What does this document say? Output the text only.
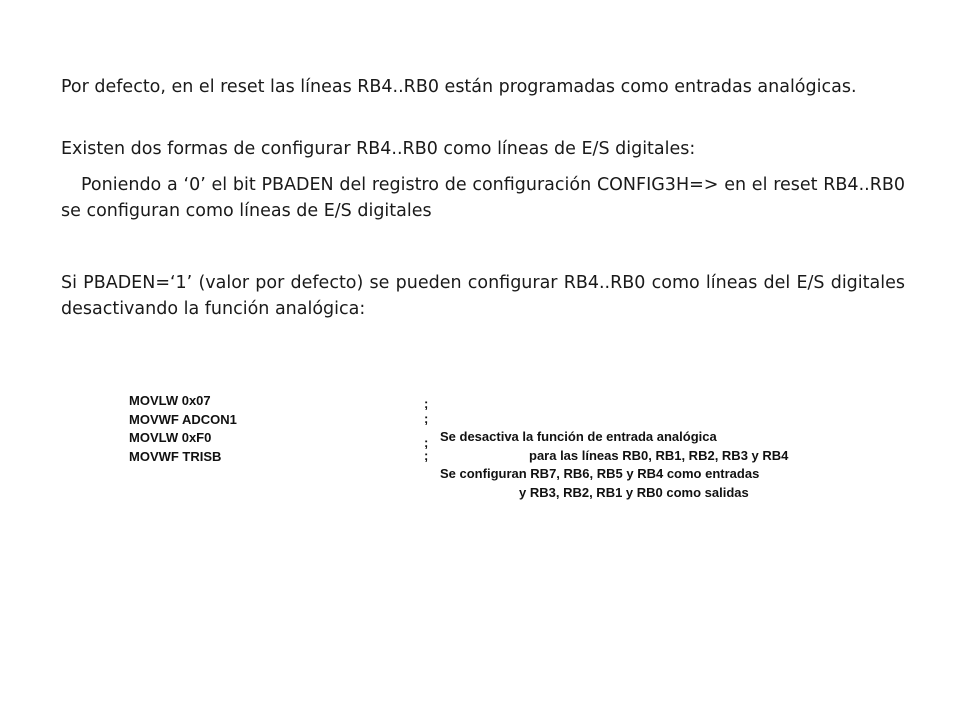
Por defecto, en el reset las líneas RB4..RB0 están programadas como entradas analógicas.

Existen dos formas de configurar RB4..RB0 como líneas de E/S digitales:

Poniendo a ‘0’ el bit PBADEN del registro de configuración CONFIG3H=> en el reset RB4..RB0 se configuran como líneas de E/S digitales

Si PBADEN=‘1’ (valor por defecto) se pueden configurar RB4..RB0 como líneas del E/S digitales desactivando la función analógica:

MOVLW 0x07

;

Se desactiva la función de entrada analógica

MOVWF ADCON1

;

para las líneas RB0, RB1, RB2, RB3 y RB4

MOVLW 0xF0

;

Se configuran RB7, RB6, RB5 y RB4 como entradas

MOVWF TRISB

;

y RB3, RB2, RB1 y RB0 como salidas
